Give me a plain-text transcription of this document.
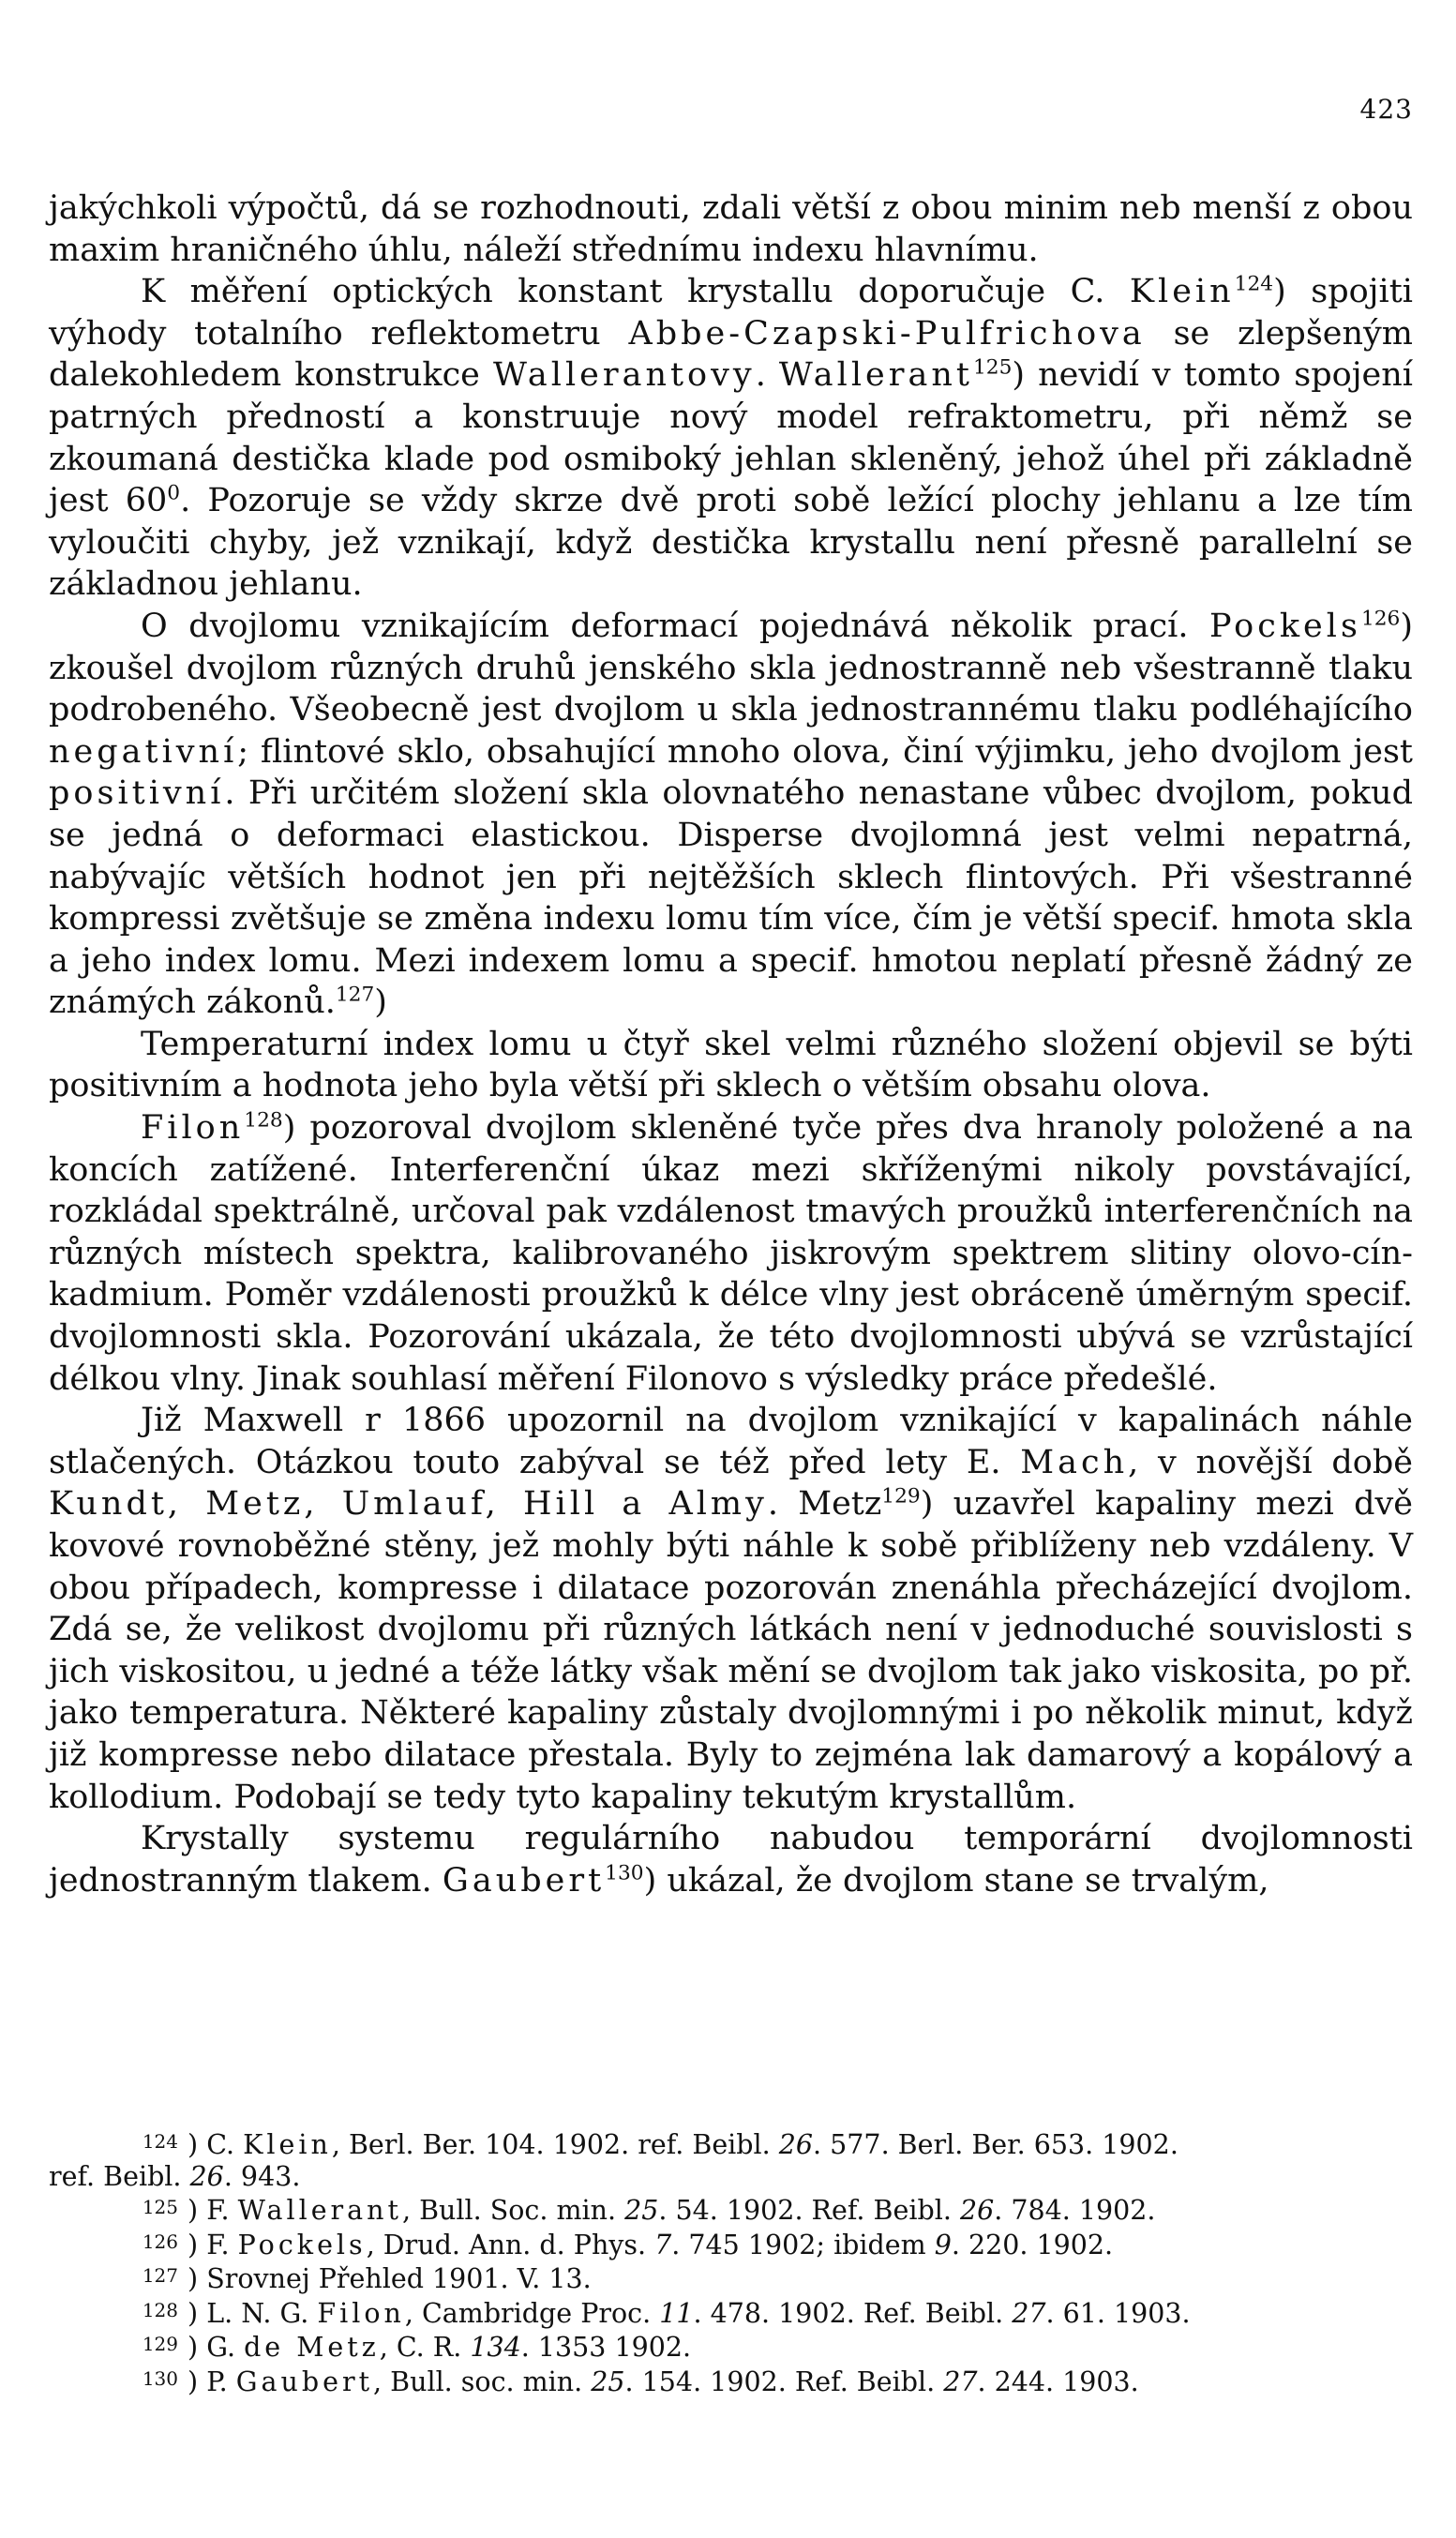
423

jakýchkoli výpočtů, dá se rozhodnouti, zdali větší z obou minim neb menší z obou maxim hraničného úhlu, náleží střednímu indexu hlavnímu.

K měření optických konstant krystallu doporučuje C. Klein$^{124}$) spojiti výhody totalního reflektometru Abbe-Czapski-Pulfrichova se zlepšeným dalekohledem konstrukce Wallerantovy. Wallerant$^{125}$) nevidí v tomto spojení patrných předností a konstruuje nový model refraktometru, při němž se zkoumaná destička klade pod osmiboký jehlan skleněný, jehož úhel při základně jest $60^0$. Pozoruje se vždy skrze dvě proti sobě ležící plochy jehlanu a lze tím vyloučiti chyby, jež vznikají, když destička krystallu není přesně parallelní se základnou jehlanu.

O dvojlomu vznikajícím deformací pojednává několik prací. Pockels$^{126}$) zkoušel dvojlom různých druhů jenského skla jednostranně neb všestranně tlaku podrobeného. Všeobecně jest dvojlom u skla jednostrannému tlaku podléhajícího negativní; flintové sklo, obsahující mnoho olova, činí výjimku, jeho dvojlom jest positivní. Při určitém složení skla olovnatého nenastane vůbec dvojlom, pokud se jedná o deformaci elastickou. Disperse dvojlomná jest velmi nepatrná, nabývajíc větších hodnot jen při nejtěžších sklech flintových. Při všestranné kompressi zvětšuje se změna indexu lomu tím více, čím je větší specif. hmota skla a jeho index lomu. Mezi indexem lomu a specif. hmotou neplatí přesně žádný ze známých zákonů.$^{127}$)

Temperaturní index lomu u čtyř skel velmi různého složení objevil se býti positivním a hodnota jeho byla větší při sklech o větším obsahu olova.

Filon$^{128}$) pozoroval dvojlom skleněné tyče přes dva hranoly položené a na koncích zatížené. Interferenční úkaz mezi skříženými nikoly povstávající, rozkládal spektrálně, určoval pak vzdálenost tmavých proužků interferenčních na různých místech spektra, kalibrovaného jiskrovým spektrem slitiny olovo-cín-kadmium. Poměr vzdálenosti proužků k délce vlny jest obráceně úměrným specif. dvojlomnosti skla. Pozorování ukázala, že této dvojlomnosti ubývá se vzrůstající délkou vlny. Jinak souhlasí měření Filonovo s výsledky práce předešlé.

Již Maxwell r 1866 upozornil na dvojlom vznikající v kapalinách náhle stlačených. Otázkou touto zabýval se též před lety E. Mach, v novější době Kundt, Metz, Umlauf, Hill a Almy. Metz$^{129}$) uzavřel kapaliny mezi dvě kovové rovnoběžné stěny, jež mohly býti náhle k sobě přiblíženy neb vzdáleny. V obou případech, kompresse i dilatace pozorován znenáhla přecházející dvojlom. Zdá se, že velikost dvojlomu při různých látkách není v jednoduché souvislosti s jich viskositou, u jedné a téže látky však mění se dvojlom tak jako viskosita, po př. jako temperatura. Některé kapaliny zůstaly dvojlomnými i po několik minut, když již kompresse nebo dilatace přestala. Byly to zejména lak damarový a kopálový a kollodium. Podobají se tedy tyto kapaliny tekutým krystallům.

Krystally systemu regulárního nabudou temporární dvojlomnosti jednostranným tlakem. Gaubert$^{130}$) ukázal, že dvojlom stane se trvalým,

124 ) C. Klein, Berl. Ber. 104. 1902. ref. Beibl. 26. 577. Berl. Ber. 653. 1902.

ref. Beibl. 26. 943.

125 ) F. Wallerant, Bull. Soc. min. 25. 54. 1902. Ref. Beibl. 26. 784. 1902.

126 ) F. Pockels, Drud. Ann. d. Phys. 7. 745 1902; ibidem 9. 220. 1902.

127 ) Srovnej Přehled 1901. V. 13.

128 ) L. N. G. Filon, Cambridge Proc. 11. 478. 1902. Ref. Beibl. 27. 61. 1903.

129 ) G. de Metz, C. R. 134. 1353 1902.

130 ) P. Gaubert, Bull. soc. min. 25. 154. 1902. Ref. Beibl. 27. 244. 1903.
